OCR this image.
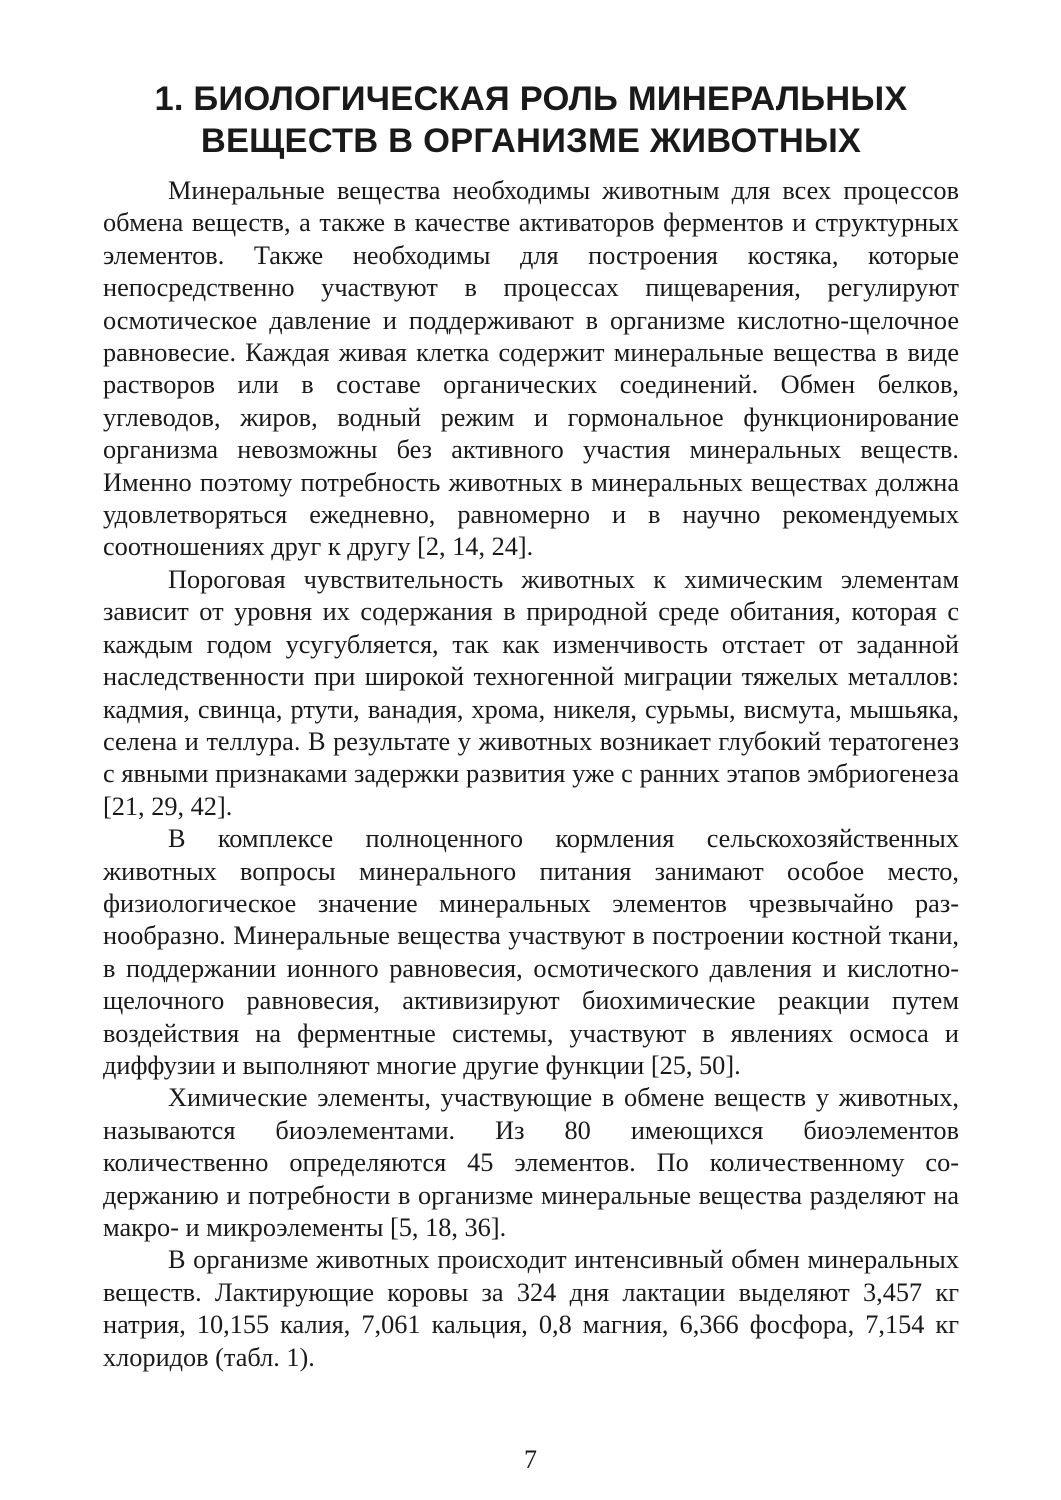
1. БИОЛОГИЧЕСКАЯ РОЛЬ МИНЕРАЛЬНЫХ
ВЕЩЕСТВ В ОРГАНИЗМЕ ЖИВОТНЫХ

Минеральные вещества необходимы животным для всех процессов обмена веществ, а также в качестве активаторов ферментов и структурных элементов. Также необходимы для построения костяка, которые непосредственно участвуют в процессах пищеварения, регулируют осмотическое давление и поддерживают в организме кислотно-щелочное равновесие. Каждая живая клетка содержит минеральные вещества в виде растворов или в составе органических соединений. Обмен белков, углеводов, жиров, водный режим и гормональное функционирование организма невозможны без активного участия минеральных веществ. Именно поэтому потребность животных в минеральных веществах должна удовлетворяться ежедневно, равномерно и в научно рекомендуемых соотношениях друг к другу [2, 14, 24].

Пороговая чувствительность животных к химическим элементам зависит от уровня их содержания в природной среде обитания, которая с каждым годом усугубляется, так как изменчивость отстает от заданной наследственности при широкой техногенной миграции тяжелых металлов: кадмия, свинца, ртути, ванадия, хрома, никеля, сурьмы, висмута, мышьяка, селена и теллура. В результате у животных возникает глубокий тератогенез с явными признаками задержки развития уже с ранних этапов эмбриогенеза [21, 29, 42].

В комплексе полноценного кормления сельскохозяйственных животных вопросы минерального питания занимают особое место, физиологическое значение минеральных элементов чрезвычайно разнообразно. Минеральные вещества участвуют в построении костной ткани, в поддержании ионного равновесия, осмотического давления и кислотно-щелочного равновесия, активизируют биохимические реакции путем воздействия на ферментные системы, участвуют в явлениях осмоса и диффузии и выполняют многие другие функции [25, 50].

Химические элементы, участвующие в обмене веществ у животных, называются биоэлементами. Из 80 имеющихся биоэлементов количественно определяются 45 элементов. По количественному содержанию и потребности в организме минеральные вещества разделяют на макро- и микроэлементы [5, 18, 36].

В организме животных происходит интенсивный обмен минеральных веществ. Лактирующие коровы за 324 дня лактации выделяют 3,457 кг натрия, 10,155 калия, 7,061 кальция, 0,8 магния, 6,366 фосфора, 7,154 кг хлоридов (табл. 1).

7
